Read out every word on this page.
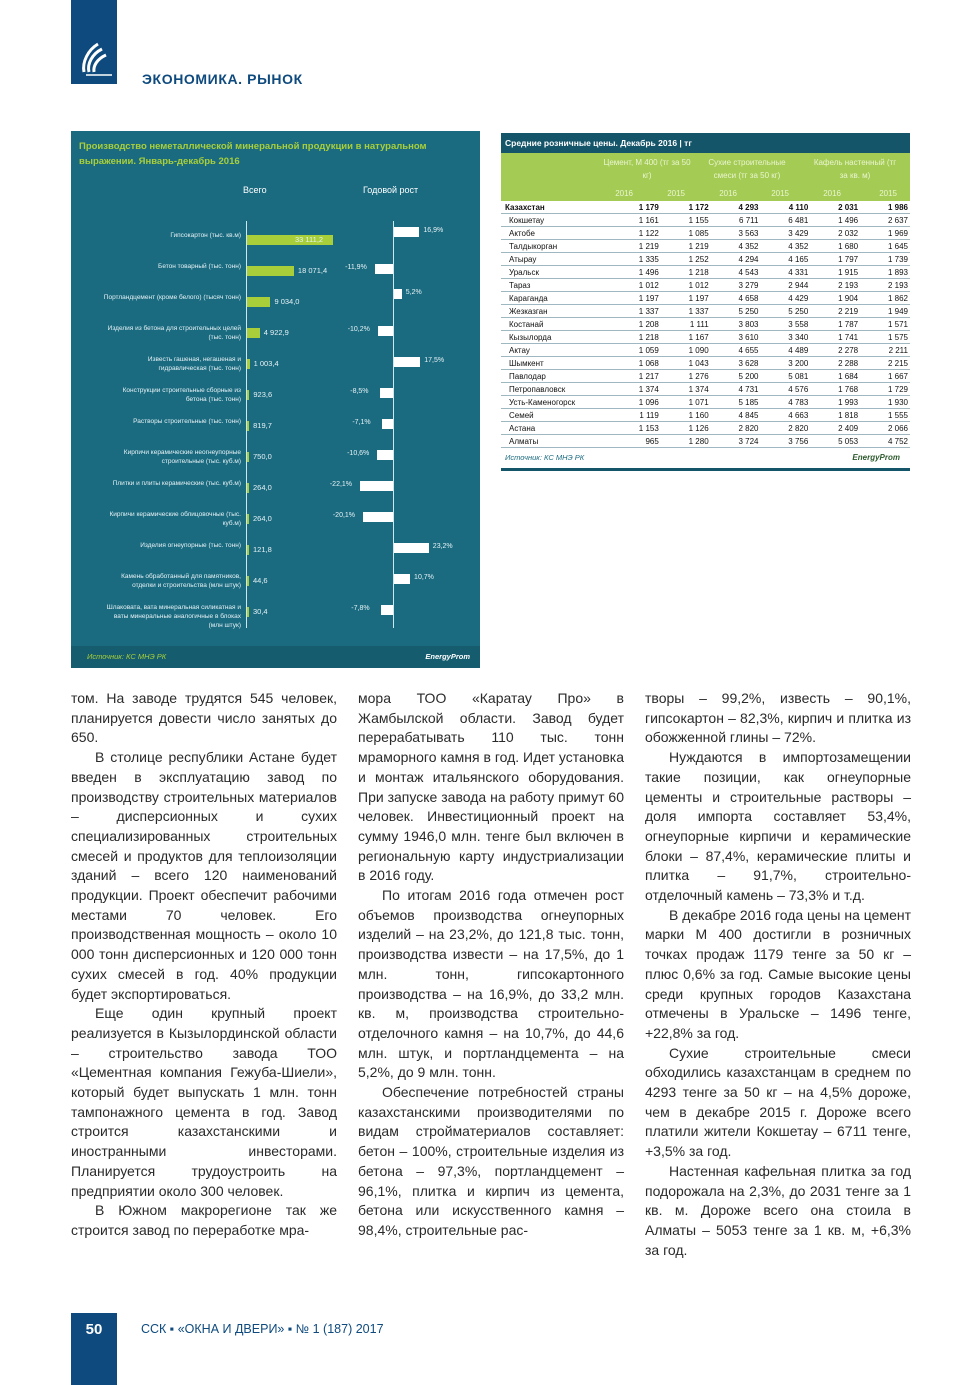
ЭКОНОМИКА. РЫНОК
Производство неметаллической минеральной продукции в натуральном выражении. Январь-декабрь 2016
Всего	Годовой рост
Гипсокартон (тыс. кв.м)	33 111,2
16,9%
Бетон товарный (тыс. тонн)	18 071,4	-11,9%
Портландцемент (кроме белого) (тысяч тонн)	9 034,0
5,2%
Изделия из бетона для строительных целей (тыс. тонн)
4 922,9	-10,2%
Известь гашеная, негашеная и гидравлическая (тыс. тонн)
1 003,4	17,5%
Конструкции строительные сборные из бетона (тыс. тонн)
923,6	-8,5%
Растворы строительные (тыс. тонн) 819,7	-7,1%
Кирпичи керамические неогнеупорные строительные (тыс. куб.м)
750,0	-10,6%
Плитки и плиты керамические (тыс. куб.м) 264,0	-22,1%
Кирпичи керамические облицовочные (тыс. куб.м)
264,0	-20,1%
Изделия огнеупорные (тыс. тонн) 121,8	23,2%
Камень обработанный для памятников, отделки и строительства (млн штук)
44,6	10,7%
Шлаковата, вата минеральная силикатная и ваты минеральные аналогичные в блоках (млн штук)
30,4	-7,8%
Источник: КС МНЭ РК	EnergyProm
Средние розничные цены. Декабрь 2016 | тг
Цемент, М 400 (тг за 50 кг)
Сухие строительные смеси (тг за 50 кг)
Кафель настенный (тг за кв. м)
2016	2015	2016	2015	2016	2015
Казахстан	1 179	1 172	4 293	4 110	2 031	1 986
Кокшетау	1 161	1 155	6 711	6 481	1 496	2 637
Актобе	1 122	1 085	3 563	3 429	2 032	1 969
Талдыкорган	1 219	1 219	4 352	4 352	1 680	1 645
Атырау	1 335	1 252	4 294	4 165	1 797	1 739
Уральск	1 496	1 218	4 543	4 331	1 915	1 893
Тараз	1 012	1 012	3 279	2 944	2 193	2 193
Караганда	1 197	1 197	4 658	4 429	1 904	1 862
Жезказган	1 337	1 337	5 250	5 250	2 219	1 949
Костанай	1 208	1 111	3 803	3 558	1 787	1 571
Кызылорда	1 218	1 167	3 610	3 340	1 741	1 575
Актау	1 059	1 090	4 655	4 489	2 278	2 211
Шымкент	1 068	1 043	3 628	3 200	2 288	2 215
Павлодар	1 217	1 276	5 200	5 081	1 684	1 667
Петропавловск	1 374	1 374	4 731	4 576	1 768	1 729
Усть-Каменогорск	1 096	1 071	5 185	4 783	1 993	1 930
Семей	1 119	1 160	4 845	4 663	1 818	1 555
Астана	1 153	1 126	2 820	2 820	2 409	2 066
Алматы	965	1 280	3 724	3 756	5 053	4 752
Источник: КС МНЭ РК	EnergyProm

том. На заводе трудятся 545 человек, планируется довести число занятых до 650.

В столице республики Астане будет введен в эксплуатацию завод по производству строительных материалов – дисперсионных и сухих специализированных строительных смесей и продуктов для теплоизоляции зданий – всего 120 наименований продукции. Проект обеспечит рабочими местами 70 человек. Его производственная мощность – около 10 000 тонн дисперсионных и 120 000 тонн сухих смесей в год. 40% продукции будет экспортироваться.

Еще один крупный проект реализуется в Кызылординской области – строительство завода ТОО «Цементная компания Гежуба-Шиели», который будет выпускать 1 млн. тонн тампонажного цемента в год. Завод строится казахстанскими и иностранными инвесторами. Планируется трудоустроить на предприятии около 300 человек.

В Южном макрорегионе так же строится завод по переработке мра-

мора ТОО «Каратау Про» в Жамбылской области. Завод будет перерабатывать 110 тыс. тонн мраморного камня в год. Идет установка и монтаж итальянского оборудования. При запуске завода на работу примут 60 человек. Инвестиционный проект на сумму 1946,0 млн. тенге был включен в региональную карту индустриализации в 2016 году.

По итогам 2016 года отмечен рост объемов производства огнеупорных изделий – на 23,2%, до 121,8 тыс. тонн, производства извести – на 17,5%, до 1 млн. тонн, гипсокартонного производства – на 16,9%, до 33,2 млн. кв. м, производства строительно-отделочного камня – на 10,7%, до 44,6 млн. штук, и портландцемента – на 5,2%, до 9 млн. тонн.

Обеспечение потребностей страны казахстанскими производителями по видам стройматериалов составляет: бетон – 100%, строительные изделия из бетона – 97,3%, портландцемент – 96,1%, плитка и кирпич из цемента, бетона или искусственного камня – 98,4%, строительные рас-

творы – 99,2%, известь – 90,1%, гипсокартон – 82,3%, кирпич и плитка из обожженной глины – 72%.

Нуждаются в импортозамещении такие позиции, как огнеупорные цементы и строительные растворы – доля импорта составляет 53,4%, огнеупорные кирпичи и керамические блоки – 87,4%, керамические плиты и плитка – 91,7%, строительно-отделочный камень – 73,3% и т.д.

В декабре 2016 года цены на цемент марки М 400 достигли в розничных точках продаж 1179 тенге за 50 кг – плюс 0,6% за год. Самые высокие цены среди крупных городов Казахстана отмечены в Уральске – 1496 тенге, +22,8% за год.

Сухие строительные смеси обходились казахстанцам в среднем по 4293 тенге за 50 кг – на 4,5% дороже, чем в декабре 2015 г. Дороже всего платили жители Кокшетау – 6711 тенге, +3,5% за год.

Настенная кафельная плитка за год подорожала на 2,3%, до 2031 тенге за 1 кв. м. Дороже всего она стоила в Алматы – 5053 тенге за 1 кв. м, +6,3% за год.

50	ССК ▪ «ОКНА И ДВЕРИ» ▪ № 1 (187) 2017
